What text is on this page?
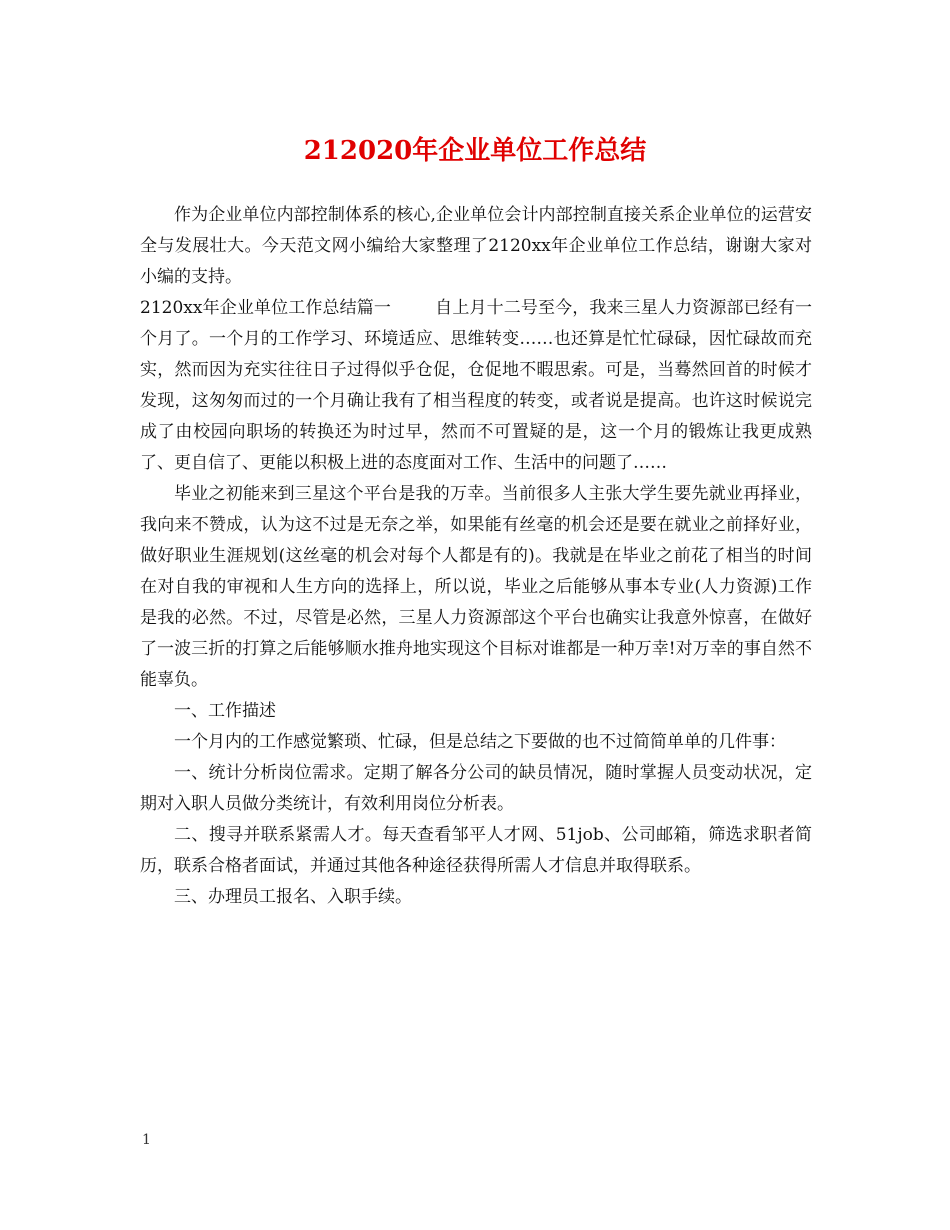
212020年企业单位工作总结

作为企业单位内部控制体系的核心,企业单位会计内部控制直接关系企业单位的运营安全与发展壮大。今天范文网小编给大家整理了2120xx年企业单位工作总结，谢谢大家对小编的支持。

2120xx年企业单位工作总结篇一	自上月十二号至今，我来三星人力资源部已经有一个月了。一个月的工作学习、环境适应、思维转变……也还算是忙忙碌碌，因忙碌故而充实，然而因为充实往往日子过得似乎仓促，仓促地不暇思索。可是，当蓦然回首的时候才发现，这匆匆而过的一个月确让我有了相当程度的转变，或者说是提高。也许这时候说完成了由校园向职场的转换还为时过早，然而不可置疑的是，这一个月的锻炼让我更成熟了、更自信了、更能以积极上进的态度面对工作、生活中的问题了……

毕业之初能来到三星这个平台是我的万幸。当前很多人主张大学生要先就业再择业，我向来不赞成，认为这不过是无奈之举，如果能有丝毫的机会还是要在就业之前择好业，做好职业生涯规划(这丝毫的机会对每个人都是有的)。我就是在毕业之前花了相当的时间在对自我的审视和人生方向的选择上，所以说，毕业之后能够从事本专业(人力资源)工作是我的必然。不过，尽管是必然，三星人力资源部这个平台也确实让我意外惊喜，在做好了一波三折的打算之后能够顺水推舟地实现这个目标对谁都是一种万幸!对万幸的事自然不能辜负。

一、工作描述

一个月内的工作感觉繁琐、忙碌，但是总结之下要做的也不过简简单单的几件事：

一、统计分析岗位需求。定期了解各分公司的缺员情况，随时掌握人员变动状况，定期对入职人员做分类统计，有效利用岗位分析表。

二、搜寻并联系紧需人才。每天查看邹平人才网、51job、公司邮箱，筛选求职者简历，联系合格者面试，并通过其他各种途径获得所需人才信息并取得联系。

三、办理员工报名、入职手续。

1
